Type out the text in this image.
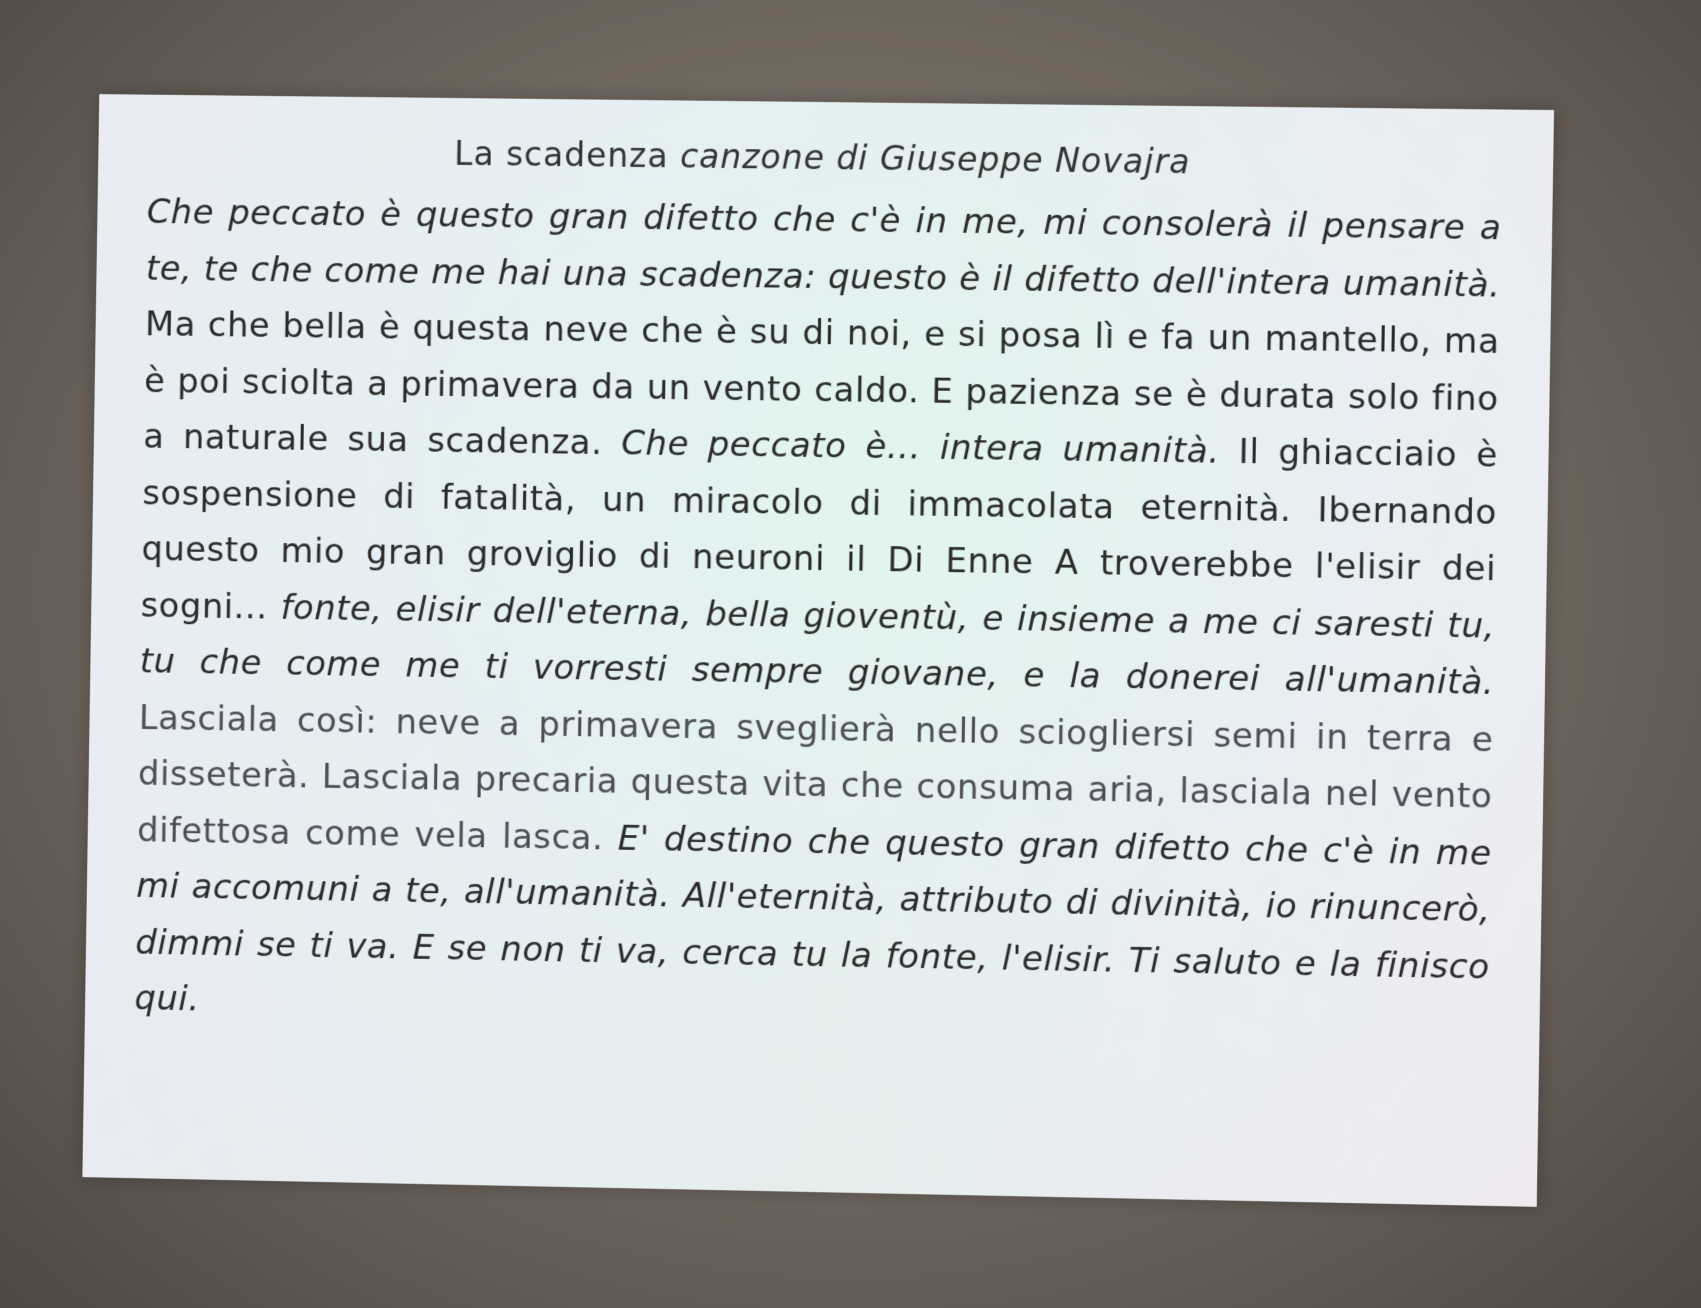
La scadenza canzone di Giuseppe Novajra
Che peccato è questo gran difetto che c'è in me, mi consolerà il pensare a te, te che come me hai una scadenza: questo è il difetto dell'intera umanità. Ma che bella è questa neve che è su di noi, e si posa lì e fa un mantello, ma è poi sciolta a primavera da un vento caldo. E pazienza se è durata solo fino a naturale sua scadenza. Che peccato è... intera umanità. Il ghiacciaio è sospensione di fatalità, un miracolo di immacolata eternità. Ibernando questo mio gran groviglio di neuroni il Di Enne A troverebbe l'elisir dei sogni... fonte, elisir dell'eterna, bella gioventù, e insieme a me ci saresti tu, tu che come me ti vorresti sempre giovane, e la donerei all'umanità. Lasciala così: neve a primavera sveglierà nello sciogliersi semi in terra e disseterà. Lasciala precaria questa vita che consuma aria, lasciala nel vento difettosa come vela lasca. E' destino che questo gran difetto che c'è in me mi accomuni a te, all'umanità. All'eternità, attributo di divinità, io rinuncerò, dimmi se ti va. E se non ti va, cerca tu la fonte, l'elisir. Ti saluto e la finisco qui.
